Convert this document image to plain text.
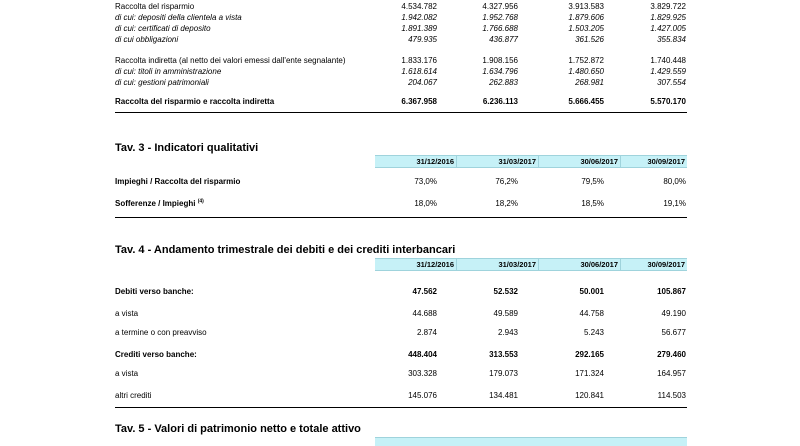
Raccolta del risparmio	4.534.782	4.327.956	3.913.583	3.829.722
di cui: depositi della clientela a vista	1.942.082	1.952.768	1.879.606	1.829.925
di cui: certificati di deposito	1.891.389	1.766.688	1.503.205	1.427.005
di cui obbligazioni	479.935	436.877	361.526	355.834
Raccolta indiretta (al netto dei valori emessi dall'ente segnalante)	1.833.176	1.908.156	1.752.872	1.740.448
di cui: titoli in amministrazione	1.618.614	1.634.796	1.480.650	1.429.559
di cui: gestioni patrimoniali	204.067	262.883	268.981	307.554
Raccolta del risparmio e raccolta indiretta	6.367.958	6.236.113	5.666.455	5.570.170
Tav. 3 - Indicatori qualitativi
31/12/2016	31/03/2017	30/06/2017	30/09/2017
Impieghi / Raccolta del risparmio	73,0%	76,2%	79,5%	80,0%
Sofferenze / Impieghi $^{(4)}$	18,0%	18,2%	18,5%	19,1%
Tav. 4 - Andamento trimestrale dei debiti e dei crediti interbancari
31/12/2016	31/03/2017	30/06/2017	30/09/2017
Debiti verso banche:	47.562	52.532	50.001	105.867
a vista	44.688	49.589	44.758	49.190
a termine o con preavviso	2.874	2.943	5.243	56.677
Crediti verso banche:	448.404	313.553	292.165	279.460
a vista	303.328	179.073	171.324	164.957
altri crediti	145.076	134.481	120.841	114.503
Tav. 5 - Valori di patrimonio netto e totale attivo
